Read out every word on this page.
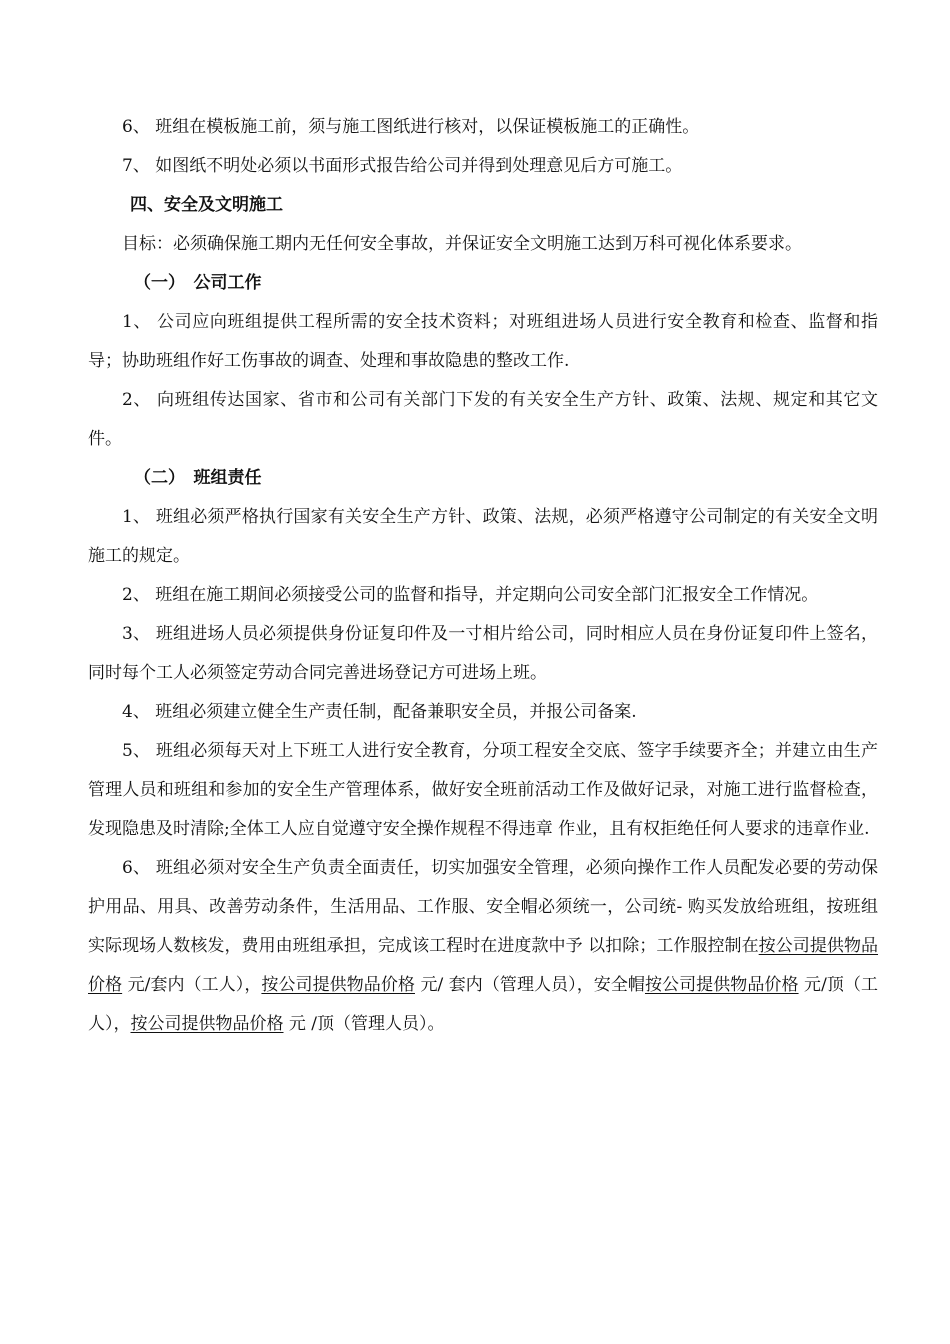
6、 班组在模板施工前，须与施工图纸进行核对，以保证模板施工的正确性。

7、 如图纸不明处必须以书面形式报告给公司并得到处理意见后方可施工。

四、安全及文明施工

目标：必须确保施工期内无任何安全事故，并保证安全文明施工达到万科可视化体系要求。

（一）　公司工作

1、 公司应向班组提供工程所需的安全技术资料；对班组进场人员进行安全教育和检查、监督和指导；协助班组作好工伤事故的调查、处理和事故隐患的整改工作.

2、 向班组传达国家、省市和公司有关部门下发的有关安全生产方针、政策、法规、规定和其它文件。

（二）　班组责任

1、 班组必须严格执行国家有关安全生产方针、政策、法规，必须严格遵守公司制定的有关安全文明施工的规定。

2、 班组在施工期间必须接受公司的监督和指导，并定期向公司安全部门汇报安全工作情况。

3、 班组进场人员必须提供身份证复印件及一寸相片给公司，同时相应人员在身份证复印件上签名，同时每个工人必须签定劳动合同完善进场登记方可进场上班。

4、 班组必须建立健全生产责任制，配备兼职安全员，并报公司备案.

5、 班组必须每天对上下班工人进行安全教育，分项工程安全交底、签字手续要齐全；并建立由生产管理人员和班组和参加的安全生产管理体系，做好安全班前活动工作及做好记录，对施工进行监督检查，发现隐患及时清除;全体工人应自觉遵守安全操作规程不得违章 作业，且有权拒绝任何人要求的违章作业.

6、 班组必须对安全生产负责全面责任，切实加强安全管理，必须向操作工作人员配发必要的劳动保护用品、用具、改善劳动条件，生活用品、工作服、安全帽必须统一，公司统- 购买发放给班组，按班组实际现场人数核发，费用由班组承担，完成该工程时在进度款中予 以扣除；工作服控制在按公司提供物品价格 元/套内（工人），按公司提供物品价格 元/ 套内（管理人员），安全帽按公司提供物品价格 元/顶（工人），按公司提供物品价格 元 /顶（管理人员）。
